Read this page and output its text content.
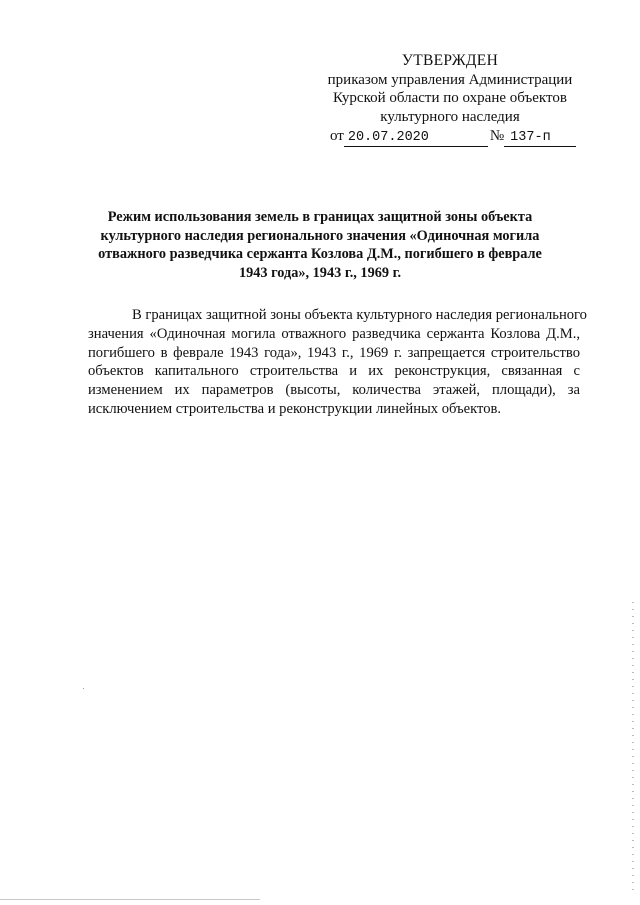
УТВЕРЖДЕН
приказом управления Администрации
Курской области по охране объектов
культурного наследия
от 20.07.2020	№ 137-п
Режим использования земель в границах защитной зоны объекта
культурного наследия регионального значения «Одиночная могила
отважного разведчика сержанта Козлова Д.М., погибшего в феврале
1943 года», 1943 г., 1969 г.
В границах защитной зоны объекта культурного наследия регионального
значения «Одиночная могила отважного разведчика сержанта Козлова Д.М.,
погибшего в феврале 1943 года», 1943 г., 1969 г. запрещается строительство
объектов капитального строительства и их реконструкция, связанная с
изменением их параметров (высоты, количества этажей, площади), за
исключением строительства и реконструкции линейных объектов.
